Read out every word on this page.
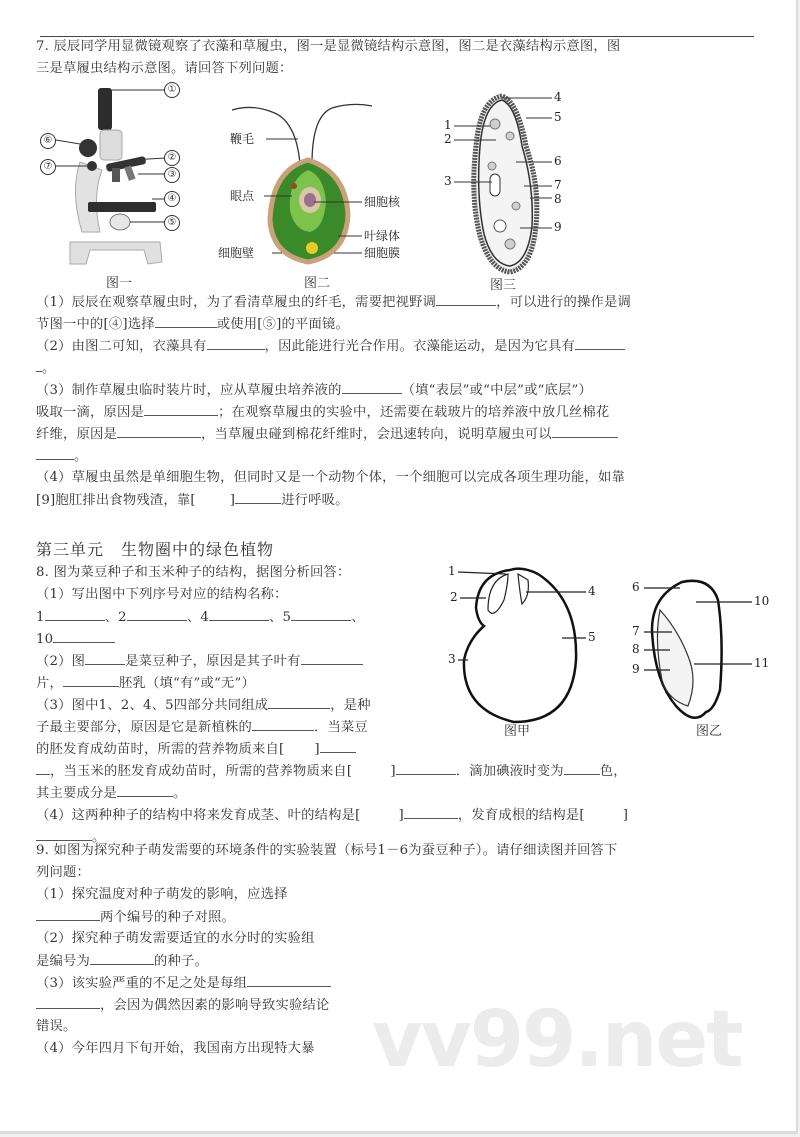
7. 辰辰同学用显微镜观察了衣藻和草履虫，图一是显微镜结构示意图，图二是衣藻结构示意图，图
三是草履虫结构示意图。请回答下列问题：
①
②
③
④
⑤
⑥
⑦
图一
鞭毛
眼点
细胞壁
细胞核
叶绿体
细胞膜
图二
1
2
3
4
5
6
7
8
9
图三
（1）辰辰在观察草履虫时，为了看清草履虫的纤毛，需要把视野调	，可以进行的操作是调
节图一中的[④]选择	或使用[⑤]的平面镜。
（2）由图二可知，衣藻具有	，因此能进行光合作用。衣藻能运动，是因为它具有
。
（3）制作草履虫临时装片时，应从草履虫培养液的	（填“表层”或“中层”或“底层”）
吸取一滴，原因是	；在观察草履虫的实验中，还需要在载玻片的培养液中放几丝棉花
纤维，原因是	，当草履虫碰到棉花纤维时，会迅速转向，说明草履虫可以
。
（4）草履虫虽然是单细胞生物，但同时又是一个动物个体，一个细胞可以完成各项生理功能，如靠
[9]胞肛排出食物残渣，靠[	]	进行呼吸。
第三单元　生物圈中的绿色植物
8. 图为菜豆种子和玉米种子的结构，据图分析回答：
（1）写出图中下列序号对应的结构名称：
1	、2	、4	、5	、
10
（2）图	是菜豆种子，原因是其子叶有
片，	胚乳（填“有”或“无”）
（3）图中1、2、4、5四部分共同组成	，是种
子最主要部分，原因是它是新植株的	．当菜豆
的胚发育成幼苗时，所需的营养物质来自[ ]
，当玉米的胚发育成幼苗时，所需的营养物质来自[	]	．滴加碘液时变为	色，
其主要成分是	。
（4）这两种种子的结构中将来发育成茎、叶的结构是[	]	，发育成根的结构是[	]
。
1
2
3
4
5
6
7
8
9
10
11
图甲	图乙
9. 如图为探究种子萌发需要的环境条件的实验装置（标号1－6为蚕豆种子）。请仔细读图并回答下
列问题：
（1）探究温度对种子萌发的影响，应选择
两个编号的种子对照。
（2）探究种子萌发需要适宜的水分时的实验组
是编号为	的种子。
（3）该实验严重的不足之处是每组
，会因为偶然因素的影响导致实验结论
错误。
（4）今年四月下旬开始，我国南方出现特大暴 vv99.net
